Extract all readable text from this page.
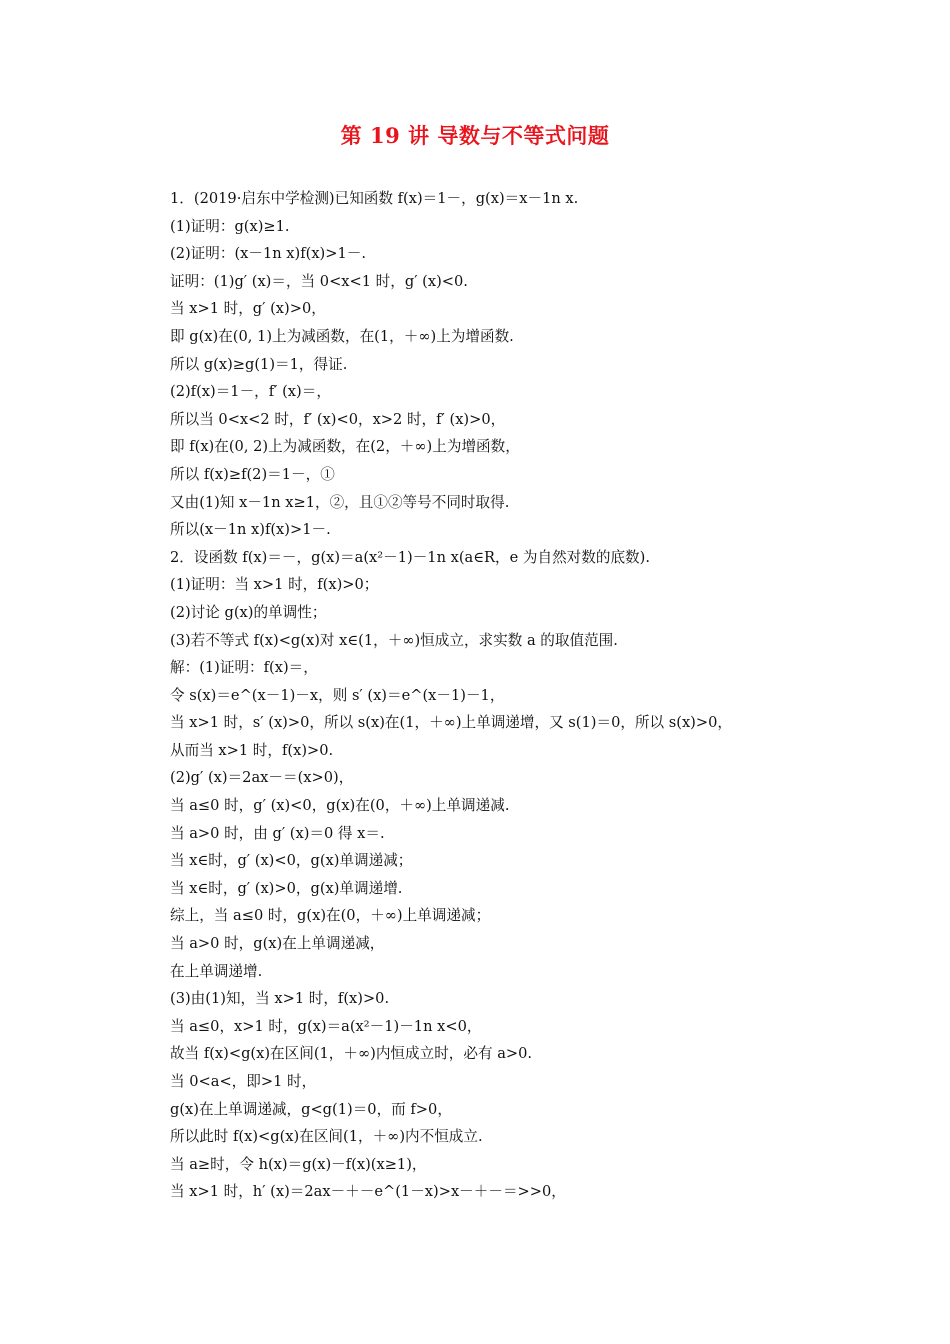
第 19 讲 导数与不等式问题
1．(2019·启东中学检测)已知函数 f(x)＝1－，g(x)＝x－1n x.
(1)证明：g(x)≥1.
(2)证明：(x－1n x)f(x)>1－.
证明：(1)g′ (x)＝，当 0<x<1 时，g′ (x)<0.
当 x>1 时，g′ (x)>0，
即 g(x)在(0, 1)上为减函数，在(1，＋∞)上为增函数.
所以 g(x)≥g(1)＝1，得证.
(2)f(x)＝1－，f′ (x)＝，
所以当 0<x<2 时，f′ (x)<0，x>2 时，f′ (x)>0，
即 f(x)在(0, 2)上为减函数，在(2，＋∞)上为增函数，
所以 f(x)≥f(2)＝1－，①
又由(1)知 x－1n x≥1，②，且①②等号不同时取得.
所以(x－1n x)f(x)>1－.
2．设函数 f(x)＝－，g(x)＝a(x²－1)－1n x(a∈R，e 为自然对数的底数).
(1)证明：当 x>1 时，f(x)>0；
(2)讨论 g(x)的单调性；
(3)若不等式 f(x)<g(x)对 x∈(1，＋∞)恒成立，求实数 a 的取值范围.
解：(1)证明：f(x)＝，
令 s(x)＝e^(x－1)－x，则 s′ (x)＝e^(x－1)－1，
当 x>1 时，s′ (x)>0，所以 s(x)在(1，＋∞)上单调递增，又 s(1)＝0，所以 s(x)>0，
从而当 x>1 时，f(x)>0.
(2)g′ (x)＝2ax－＝(x>0)，
当 a≤0 时，g′ (x)<0，g(x)在(0，＋∞)上单调递减.
当 a>0 时，由 g′ (x)＝0 得 x＝.
当 x∈时，g′ (x)<0，g(x)单调递减；
当 x∈时，g′ (x)>0，g(x)单调递增.
综上，当 a≤0 时，g(x)在(0，＋∞)上单调递减；
当 a>0 时，g(x)在上单调递减，
在上单调递增.
(3)由(1)知，当 x>1 时，f(x)>0.
当 a≤0，x>1 时，g(x)＝a(x²－1)－1n x<0，
故当 f(x)<g(x)在区间(1，＋∞)内恒成立时，必有 a>0.
当 0<a<，即>1 时，
g(x)在上单调递减，g<g(1)＝0，而 f>0，
所以此时 f(x)<g(x)在区间(1，＋∞)内不恒成立.
当 a≥时，令 h(x)＝g(x)－f(x)(x≥1)，
当 x>1 时，h′ (x)＝2ax－＋－e^(1－x)>x－＋－＝>>0，
